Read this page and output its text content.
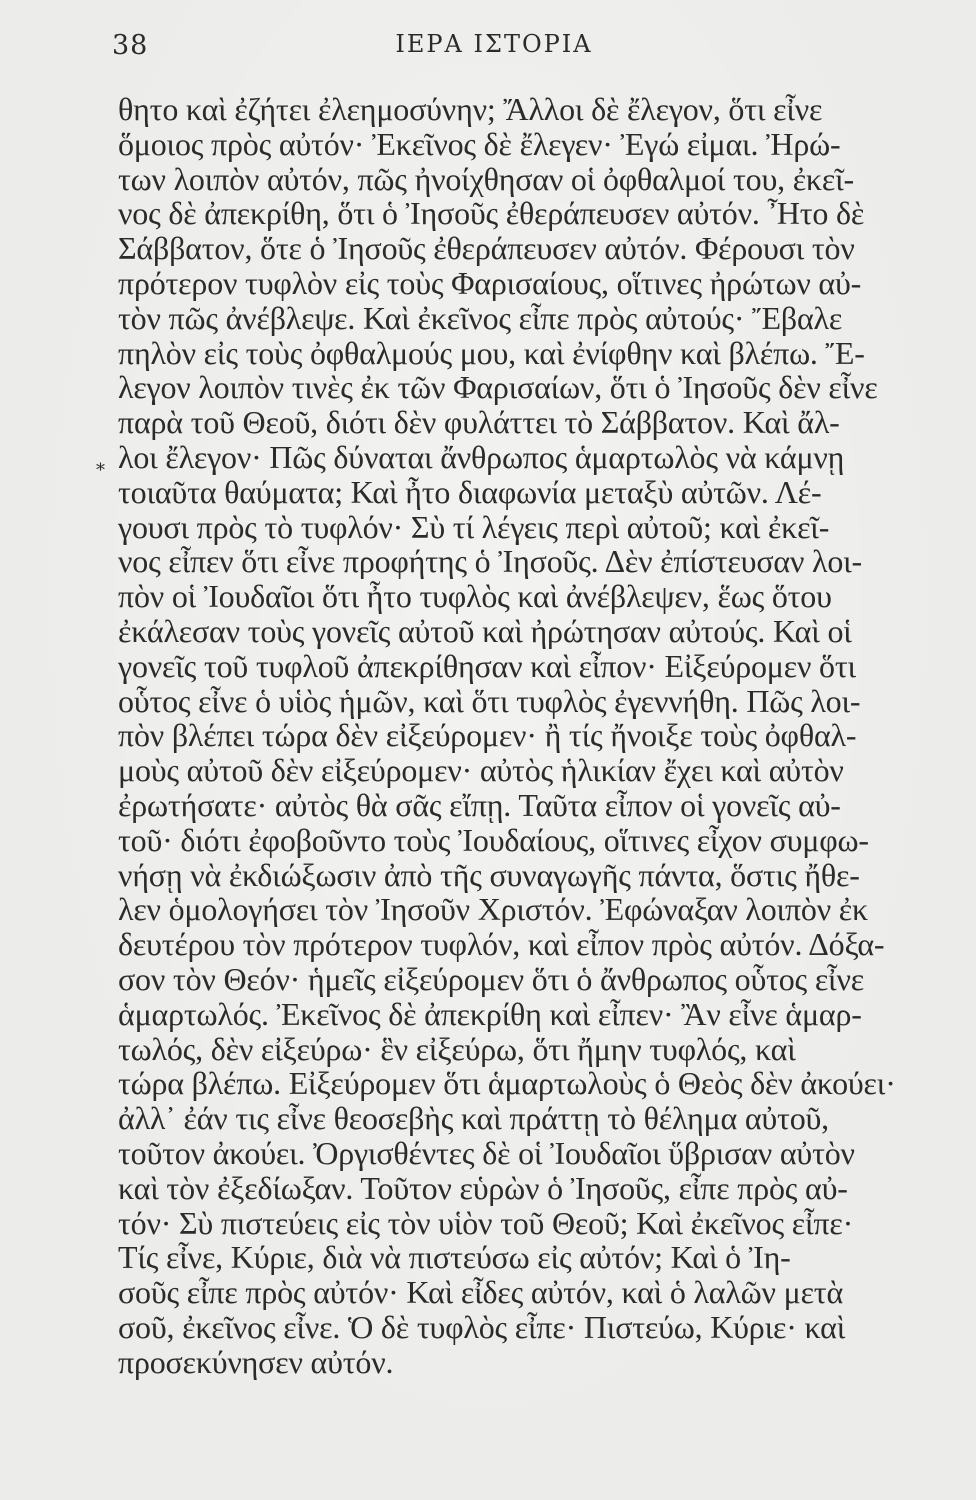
38	ΙΕΡΑ ΙΣΤΟΡΙΑ
*
θητο καὶ ἐζήτει ἐλεημοσύνην; Ἄλλοι δὲ ἔλεγον, ὅτι εἶνε
ὅμοιος πρὸς αὐτόν· Ἐκεῖνος δὲ ἔλεγεν· Ἐγώ εἰμαι. Ἠρώ-
των λοιπὸν αὐτόν, πῶς ἠνοίχθησαν οἱ ὀφθαλμοί του, ἐκεῖ-
νος δὲ ἀπεκρίθη, ὅτι ὁ Ἰησοῦς ἐθεράπευσεν αὐτόν. Ἦτο δὲ
Σάββατον, ὅτε ὁ Ἰησοῦς ἐθεράπευσεν αὐτόν. Φέρουσι τὸν
πρότερον τυφλὸν εἰς τοὺς Φαρισαίους, οἵτινες ἠρώτων αὐ-
τὸν πῶς ἀνέβλεψε. Καὶ ἐκεῖνος εἶπε πρὸς αὐτούς· Ἔβαλε
πηλὸν εἰς τοὺς ὀφθαλμούς μου, καὶ ἐνίφθην καὶ βλέπω. Ἔ-
λεγον λοιπὸν τινὲς ἐκ τῶν Φαρισαίων, ὅτι ὁ Ἰησοῦς δὲν εἶνε
παρὰ τοῦ Θεοῦ, διότι δὲν φυλάττει τὸ Σάββατον. Καὶ ἄλ-
λοι ἔλεγον· Πῶς δύναται ἄνθρωπος ἁμαρτωλὸς νὰ κάμνῃ
τοιαῦτα θαύματα; Καὶ ἦτο διαφωνία μεταξὺ αὐτῶν. Λέ-
γουσι πρὸς τὸ τυφλόν· Σὺ τί λέγεις περὶ αὐτοῦ; καὶ ἐκεῖ-
νος εἶπεν ὅτι εἶνε προφήτης ὁ Ἰησοῦς. Δὲν ἐπίστευσαν λοι-
πὸν οἱ Ἰουδαῖοι ὅτι ἦτο τυφλὸς καὶ ἀνέβλεψεν, ἕως ὅτου
ἐκάλεσαν τοὺς γονεῖς αὐτοῦ καὶ ἠρώτησαν αὐτούς. Καὶ οἱ
γονεῖς τοῦ τυφλοῦ ἀπεκρίθησαν καὶ εἶπον· Εἰξεύρομεν ὅτι
οὗτος εἶνε ὁ υἱὸς ἡμῶν, καὶ ὅτι τυφλὸς ἐγεννήθη. Πῶς λοι-
πὸν βλέπει τώρα δὲν εἰξεύρομεν· ἢ τίς ἤνοιξε τοὺς ὀφθαλ-
μοὺς αὐτοῦ δὲν εἰξεύρομεν· αὐτὸς ἡλικίαν ἔχει καὶ αὐτὸν
ἐρωτήσατε· αὐτὸς θὰ σᾶς εἴπῃ. Ταῦτα εἶπον οἱ γονεῖς αὐ-
τοῦ· διότι ἐφοβοῦντο τοὺς Ἰουδαίους, οἵτινες εἶχον συμφω-
νήσῃ νὰ ἐκδιώξωσιν ἀπὸ τῆς συναγωγῆς πάντα, ὅστις ἤθε-
λεν ὁμολογήσει τὸν Ἰησοῦν Χριστόν. Ἐφώναξαν λοιπὸν ἐκ
δευτέρου τὸν πρότερον τυφλόν, καὶ εἶπον πρὸς αὐτόν. Δόξα-
σον τὸν Θεόν· ἡμεῖς εἰξεύρομεν ὅτι ὁ ἄνθρωπος οὗτος εἶνε
ἁμαρτωλός. Ἐκεῖνος δὲ ἀπεκρίθη καὶ εἶπεν· Ἂν εἶνε ἁμαρ-
τωλός, δὲν εἰξεύρω· ἓν εἰξεύρω, ὅτι ἤμην τυφλός, καὶ
τώρα βλέπω. Εἰξεύρομεν ὅτι ἁμαρτωλοὺς ὁ Θεὸς δὲν ἀκούει·
ἀλλ᾽ ἐάν τις εἶνε θεοσεβὴς καὶ πράττῃ τὸ θέλημα αὐτοῦ,
τοῦτον ἀκούει. Ὀργισθέντες δὲ οἱ Ἰουδαῖοι ὕβρισαν αὐτὸν
καὶ τὸν ἐξεδίωξαν. Τοῦτον εὑρὼν ὁ Ἰησοῦς, εἶπε πρὸς αὐ-
τόν· Σὺ πιστεύεις εἰς τὸν υἱὸν τοῦ Θεοῦ; Καὶ ἐκεῖνος εἶπε·
Τίς εἶνε, Κύριε, διὰ νὰ πιστεύσω εἰς αὐτόν; Καὶ ὁ Ἰη-
σοῦς εἶπε πρὸς αὐτόν· Καὶ εἶδες αὐτόν, καὶ ὁ λαλῶν μετὰ
σοῦ, ἐκεῖνος εἶνε. Ὁ δὲ τυφλὸς εἶπε· Πιστεύω, Κύριε· καὶ
προσεκύνησεν αὐτόν.
